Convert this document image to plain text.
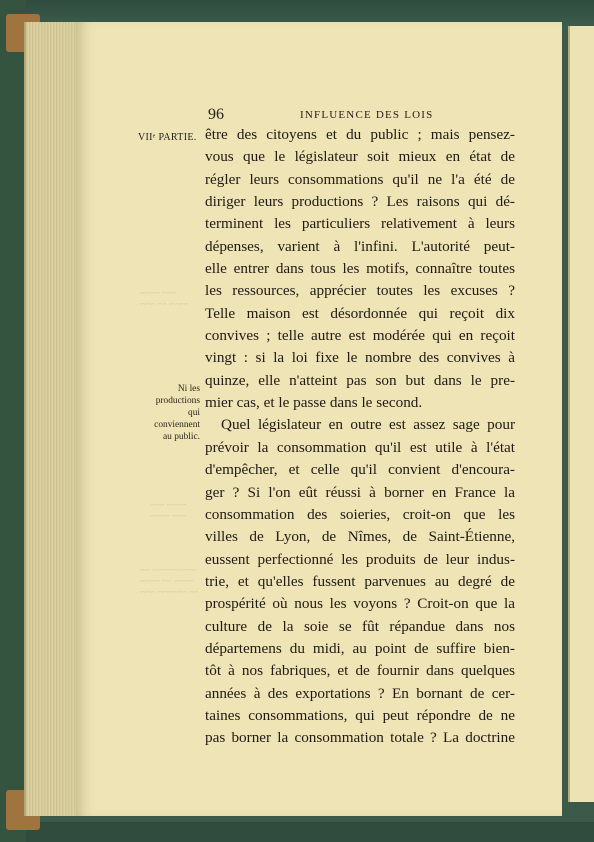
~~~ ~~~~
~~~~ ~~ ~~~
~~~~ ~~~
~~~ ~~~~
~~~~~~~~~ ~~
~~~~ ~~ ~~~~
~~ ~~~~~~ ~~~
96	INFLUENCE DES LOIS
VIIᵉ PARTIE.
Ni les
productions
qui
conviennent
au public.
être des citoyens et du public ; mais pensez-
vous que le législateur soit mieux en état de
régler leurs consommations qu'il ne l'a été de
diriger leurs productions ? Les raisons qui dé-
terminent les particuliers relativement à leurs
dépenses, varient à l'infini. L'autorité peut-
elle entrer dans tous les motifs, connaître toutes
les ressources, apprécier toutes les excuses ?
Telle maison est désordonnée qui reçoit dix
convives ; telle autre est modérée qui en reçoit
vingt : si la loi fixe le nombre des convives à
quinze, elle n'atteint pas son but dans le pre-
mier cas, et le passe dans le second.
Quel législateur en outre est assez sage pour
prévoir la consommation qu'il est utile à l'état
d'empêcher, et celle qu'il convient d'encoura-
ger ? Si l'on eût réussi à borner en France la
consommation des soieries, croit-on que les
villes de Lyon, de Nîmes, de Saint-Étienne,
eussent perfectionné les produits de leur indus-
trie, et qu'elles fussent parvenues au degré de
prospérité où nous les voyons ? Croit-on que la
culture de la soie se fût répandue dans nos
départemens du midi, au point de suffire bien-
tôt à nos fabriques, et de fournir dans quelques
années à des exportations ? En bornant de cer-
taines consommations, qui peut répondre de ne
pas borner la consommation totale ? La doctrine
